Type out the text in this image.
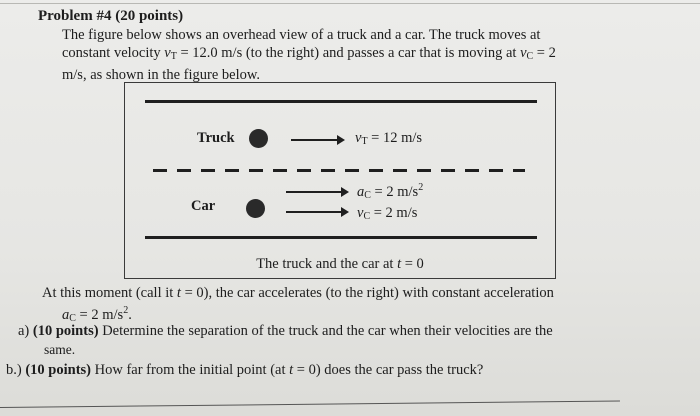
Problem #4 (20 points)
The figure below shows an overhead view of a truck and a car. The truck moves at
constant velocity $v_T = 12.0$ m/s (to the right) and passes a car that is moving at $v_C = 2$
m/s, as shown in the figure below.
Truck	$v_T = 12$ m/s
Car
$a_C = 2$ $m/s^2$
$v_C = 2$ m/s
The truck and the car at t = 0
At this moment (call it t = 0), the car accelerates (to the right) with constant acceleration
$a_C = 2$ $m/s^2$.
a) (10 points) Determine the separation of the truck and the car when their velocities are the
same.
b.) (10 points) How far from the initial point (at t = 0) does the car pass the truck?
